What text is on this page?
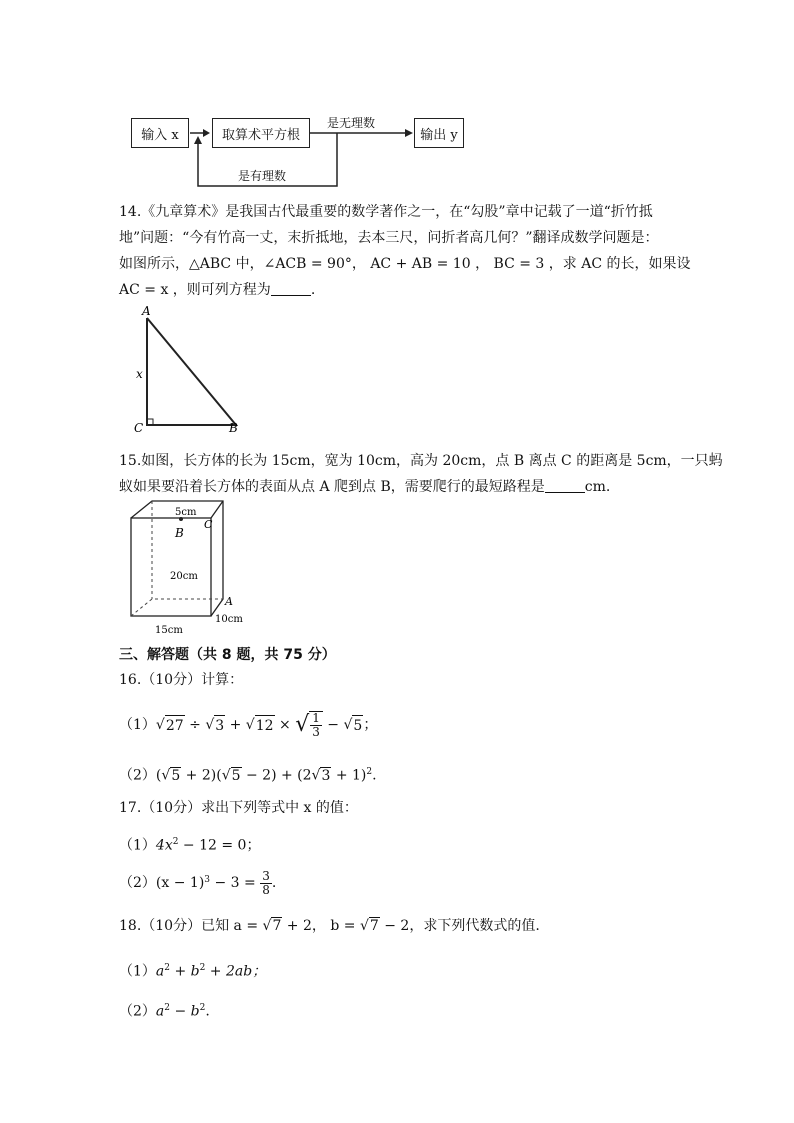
输入 x	取算术平方根	输出 y
是无理数
是有理数
14.《九章算术》是我国古代最重要的数学著作之一，在“勾股”章中记载了一道“折竹抵
地”问题：“今有竹高一丈，末折抵地，去本三尺，问折者高几何？”翻译成数学问题是：
如图所示，△ABC 中，∠ACB = 90°， AC + AB = 10 ， BC = 3 ，求 AC 的长，如果设
AC = x ，则可列方程为	.
A
C	B
x
15.如图，长方体的长为 15cm，宽为 10cm，高为 20cm，点 B 离点 C 的距离是 5cm，一只蚂
蚁如果要沿着长方体的表面从点 A 爬到点 B，需要爬行的最短路程是	cm.
5cm
B
C
20cm
A
10cm
15cm
三、解答题（共 8 题，共 75 分）
16.（10分）计算：
（1） √ 27 ÷ √ 3 + √ 12 × √ $\frac{1}{3}$ − √ 5 ；
$(2)(√5 + 2)(√5 - 2) + (2√3 + 1)^2$.
17.（10分）求出下列等式中 x 的值：
$(1)4x^2 - 12 = 0$；
（2） $(x - 1)^3 - 3 = \frac{3}{8}$ .
18.（10分）已知 a = √7 + 2， b = √7 − 2，求下列代数式的值.
$(1)a^2 + b^2 + 2ab$；
$(2)a^2 - b^2$.
